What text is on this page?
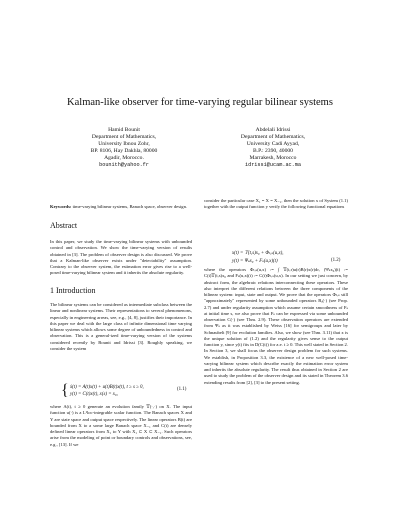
Kalman-like observer for time-varying regular bilinear systems
Hamid Bounit
Department of Mathematics,
University Ibnou Zohr,
BP. 8106, Hay Dakhla, 80000
Agadir, Morocco.
bounith@yahoo.fr
Abdelali Idrissi
Department of Mathematics,
University Cadi Ayyad,
B.P.: 2390, 40000
Marrakesh, Morocco
idrissi@ucam.ac.ma

Keywords: time-varying bilinear systems, Banach space, observer design.

Abstract

In this paper, we study the time-varying bilinear systems with unbounded control and observation. We show the time-varying version of results obtained in [3]. The problem of observer design is also discussed. We prove that a Kalman-like observer exists under "detectability" assumption. Contrary to the observer system, the estimation error gives rise to a well-posed time-varying bilinear system and it inherits the absolute regularity.

1 Introduction

The bilinear systems can be considered as intermediate subclass between the linear and nonlinear systems. Their representations to several phenomenons, especially in engineering arreas, see, e.g., [4, 8], justifies their importance. In this paper we deal with the large class of infinite dimensional time varying bilinear systems which allows some degree of unboundedness in control and observation. This is a general-ized time-varying version of the systems considered recently by Bounit and Idrissi [3]. Roughly speaking, we consider the system

{ ẋ(t) = A(t)x(t) + u(t)B(t)x(t), t ≥ s ≥ 0,
y(t) = C(t)x(t), x(s) = x₀,
(1.1)

where A(t), t ≥ 0 generate an evolution family 𝕋(·,·) on X. The input function u(·) is a L¹loc-integrable scalar function. The Banach spaces X and Y are state space and output space respectively. The linear operators B(t) are bounded from X to a some large Banach space X₋₁ and C(t) are densely defined linear operators from X₁ to Y with X₁ ⊂ X ⊂ X₋₁. Such operators arise from the modeling of point or boundary controls and observations, see, e.g., [13]. If we

consider the particular case X₁ = X = X₋₁, then the solution x of System (1.1) together with the output function y verify the following functional equations

x(t) = 𝕋(t,s)x₀ + Φₜ,ₛ(u,x),
y(t) = Ψₛx₀ + Fₛ(u,x)(t)	(1.2)

where the operators Φₜ,ₛ(u,x) := ∫ 𝕋(t,r)u(r)B(r)x(r)dr, (Ψₛx₀)(t) := C(t)𝕋(t,s)x₀ and Fₛ(u,x)(t) := C(t)Φₜ,ₛ(u,x). In our setting we just concern, by abstract form, the algebraic relations interconnecting these operators. These also interpret the different relations between the three components of the bilinear system: input, state and output. We prove that the operators Φₜ,ₛ still "approximately" represented by some unbounded operators Bₐ(·) (see Prop. 2.7) and under regularity assumption which assume certain smoothness of Fₛ at initial time s, we also prove that Fₛ can be expressed via some unbounded observation C(·) (see Thm. 2.9). These observation operators are extended from Ψₛ as it was established by Weiss [16] for semigroups and later by Schnaubelt [9] for evolution families. Also, we show (see Thm. 3.11) that x is the unique solution of (1.2) and the regularity gives sense to the output function y, since y(t) fits in D(C(t)) for a.e. t ≥ 0. This well stated in Section 2. In Section 3, we shall focus the observer design problem for such systems. We establish, in Proposition 3.3, the existence of a new well-posed time-varying bilinear system which describe exactly the estimation error system and inherits the absolute regularity. The result thus obtained in Section 2 are used to study the problem of the observer design and its stated in Theorem 3.6 extending results from [2], [3] to the present setting.
